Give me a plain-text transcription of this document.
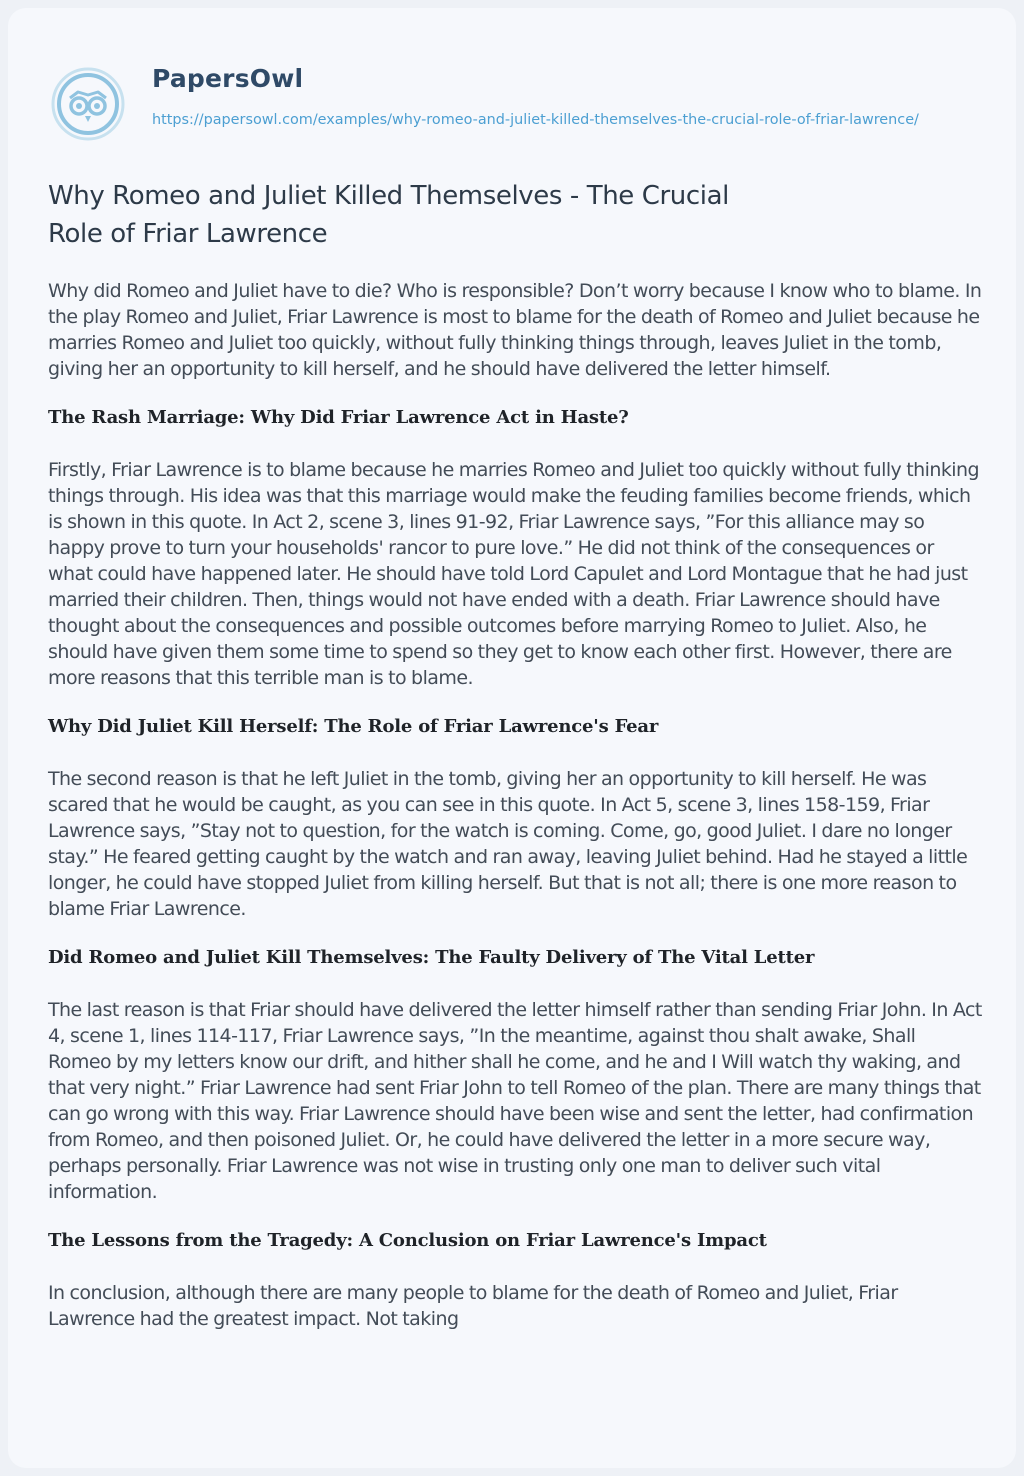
PapersOwl
https://papersowl.com/examples/why-romeo-and-juliet-killed-themselves-the-crucial-role-of-friar-lawrence/
Why Romeo and Juliet Killed Themselves - The Crucial Role of Friar Lawrence

Why did Romeo and Juliet have to die? Who is responsible? Don’t worry because I know who to blame. In the play Romeo and Juliet, Friar Lawrence is most to blame for the death of Romeo and Juliet because he marries Romeo and Juliet too quickly, without fully thinking things through, leaves Juliet in the tomb, giving her an opportunity to kill herself, and he should have delivered the letter himself.

The Rash Marriage: Why Did Friar Lawrence Act in Haste?

Firstly, Friar Lawrence is to blame because he marries Romeo and Juliet too quickly without fully thinking things through. His idea was that this marriage would make the feuding families become friends, which is shown in this quote. In Act 2, scene 3, lines 91-92, Friar Lawrence says, ”For this alliance may so happy prove to turn your households' rancor to pure love.” He did not think of the consequences or what could have happened later. He should have told Lord Capulet and Lord Montague that he had just married their children. Then, things would not have ended with a death. Friar Lawrence should have thought about the consequences and possible outcomes before marrying Romeo to Juliet. Also, he should have given them some time to spend so they get to know each other first. However, there are more reasons that this terrible man is to blame.

Why Did Juliet Kill Herself: The Role of Friar Lawrence's Fear

The second reason is that he left Juliet in the tomb, giving her an opportunity to kill herself. He was scared that he would be caught, as you can see in this quote. In Act 5, scene 3, lines 158-159, Friar Lawrence says, ”Stay not to question, for the watch is coming. Come, go, good Juliet. I dare no longer stay.” He feared getting caught by the watch and ran away, leaving Juliet behind. Had he stayed a little longer, he could have stopped Juliet from killing herself. But that is not all; there is one more reason to blame Friar Lawrence.

Did Romeo and Juliet Kill Themselves: The Faulty Delivery of The Vital Letter

The last reason is that Friar should have delivered the letter himself rather than sending Friar John. In Act 4, scene 1, lines 114-117, Friar Lawrence says, ”In the meantime, against thou shalt awake, Shall Romeo by my letters know our drift, and hither shall he come, and he and I Will watch thy waking, and that very night.” Friar Lawrence had sent Friar John to tell Romeo of the plan. There are many things that can go wrong with this way. Friar Lawrence should have been wise and sent the letter, had confirmation from Romeo, and then poisoned Juliet. Or, he could have delivered the letter in a more secure way, perhaps personally. Friar Lawrence was not wise in trusting only one man to deliver such vital information.

The Lessons from the Tragedy: A Conclusion on Friar Lawrence's Impact

In conclusion, although there are many people to blame for the death of Romeo and Juliet, Friar Lawrence had the greatest impact. Not taking
